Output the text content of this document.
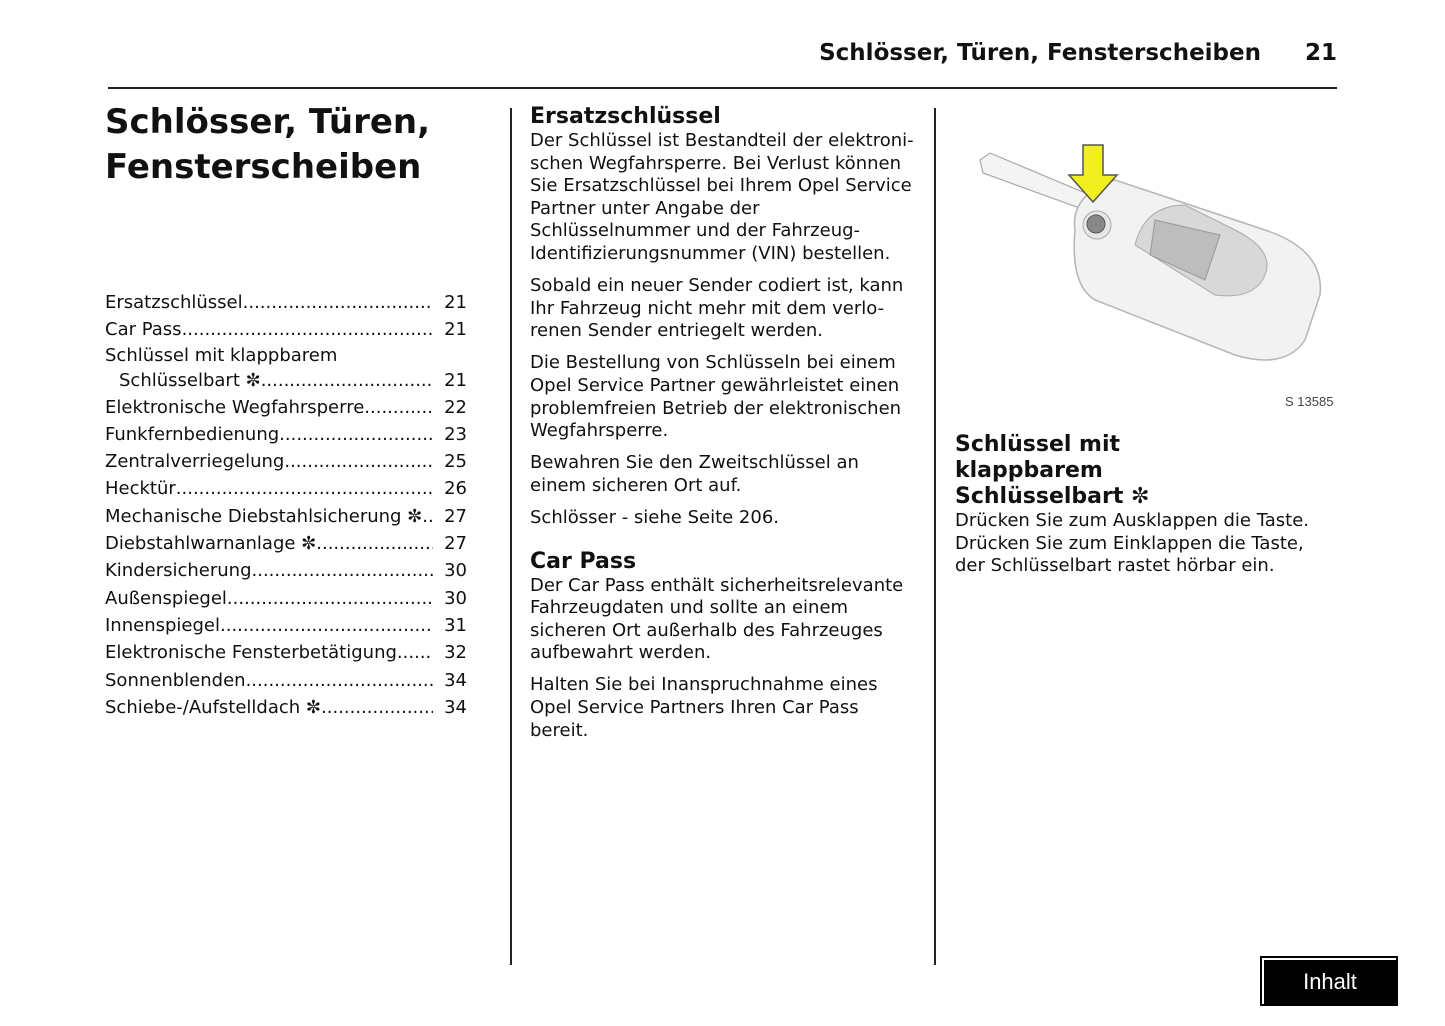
Schlösser, Türen, Fensterscheiben 21
Schlösser, Türen,
Fensterscheiben
Ersatzschlüssel .....	21
Car Pass .....	21
Schlüssel mit klappbarem
Schlüsselbart ✼ .....	21
Elektronische Wegfahrsperre .....	22
Funkfernbedienung .....	23
Zentralverriegelung .....	25
Hecktür .....	26
Mechanische Diebstahlsicherung ✼ ..... 27
Diebstahlwarnanlage ✼ .....	27
Kindersicherung .....	30
Außenspiegel .....	30
Innenspiegel .....	31
Elektronische Fensterbetätigung .....	32
Sonnenblenden .....	34
Schiebe-/Aufstelldach ✼ .....	34
Ersatzschlüssel

Der Schlüssel ist Bestandteil der elektroni-schen Wegfahrsperre. Bei Verlust können Sie Ersatzschlüssel bei Ihrem Opel Service Partner unter Angabe der Schlüsselnummer und der Fahrzeug-Identifizierungsnummer (VIN) bestellen.

Sobald ein neuer Sender codiert ist, kann Ihr Fahrzeug nicht mehr mit dem verlo-renen Sender entriegelt werden.

Die Bestellung von Schlüsseln bei einem Opel Service Partner gewährleistet einen problemfreien Betrieb der elektronischen Wegfahrsperre.

Bewahren Sie den Zweitschlüssel an einem sicheren Ort auf.

Schlösser - siehe Seite 206.

Car Pass

Der Car Pass enthält sicherheitsrelevante Fahrzeugdaten und sollte an einem sicheren Ort außerhalb des Fahrzeuges aufbewahrt werden.

Halten Sie bei Inanspruchnahme eines Opel Service Partners Ihren Car Pass bereit.

S 13585
Schlüssel mit klappbarem Schlüsselbart ✼

Drücken Sie zum Ausklappen die Taste. Drücken Sie zum Einklappen die Taste, der Schlüsselbart rastet hörbar ein.

Inhalt
